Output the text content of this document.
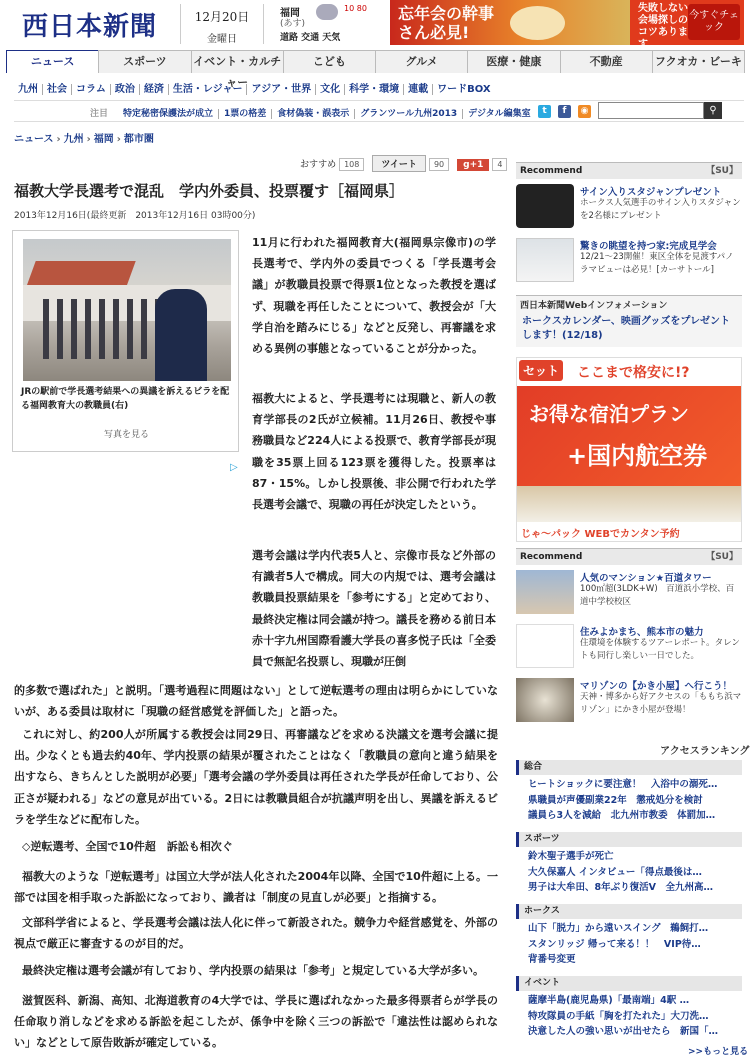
西日本新聞	12月20日
金曜日
福岡
(あす)
10 80
道路 交通 天気
忘年会の幹事さん必見!
失敗しない会場探しのコツあります
今すぐチェック
ニュース	スポーツ	イベント・カルチャー
こども	グルメ	医療・健康	不動産	フクオカ・ビーキ
九州 社会 コラム 政治 経済 生活・レジャー アジア・世界 文化 科学・環境 連載 ワードBOX
注目	特定秘密保護法が成立 1票の格差 食材偽装・誤表示 グランツール九州2013 デジタル編集室	t	f	◉	⚲
ニュース › 九州 › 福岡 › 都市圏
おすすめ 108 ツイート 90 g+1 4
福教大学長選考で混乱　学内外委員、投票覆す［福岡県］
2013年12月16日(最終更新　2013年12月16日 03時00分)
JRの駅前で学長選考結果への異議を訴えるビラを配る福岡教育大の教職員(右)
写真を見る
▷
11月に行われた福岡教育大(福岡県宗像市)の学長選考で、学内外の委員でつくる「学長選考会議」が教職員投票で得票1位となった教授を選ばず、現職を再任したことについて、教授会が「大学自治を踏みにじる」などと反発し、再審議を求める異例の事態となっていることが分かった。
福教大によると、学長選考には現職と、新人の教育学部長の2氏が立候補。11月26日、教授や事務職員など224人による投票で、教育学部長が現職を35票上回る123票を獲得した。投票率は87・15%。しかし投票後、非公開で行われた学長選考会議で、現職の再任が決定したという。
選考会議は学内代表5人と、宗像市長など外部の有識者5人で構成。同大の内規では、選考会議は教職員投票結果を「参考にする」と定めており、最終決定権は同会議が持つ。議長を務める前日本赤十字九州国際看護大学長の喜多悦子氏は「全委員で無記名投票し、現職が圧倒
的多数で選ばれた」と説明。「選考過程に問題はない」として逆転選考の理由は明らかにしていないが、ある委員は取材に「現職の経営感覚を評価した」と語った。
これに対し、約200人が所属する教授会は同29日、再審議などを求める決議文を選考会議に提出。少なくとも過去約40年、学内投票の結果が覆されたことはなく「教職員の意向と違う結果を出すなら、きちんとした説明が必要」「選考会議の学外委員は再任された学長が任命しており、公正さが疑われる」などの意見が出ている。2日には教職員組合が抗議声明を出し、異議を訴えるビラを学生などに配布した。
◇逆転選考、全国で10件超　訴訟も相次ぐ
福教大のような「逆転選考」は国立大学が法人化された2004年以降、全国で10件超に上る。一部では国を相手取った訴訟になっており、識者は「制度の見直しが必要」と指摘する。
文部科学省によると、学長選考会議は法人化に伴って新設された。競争力や経営感覚を、外部の視点で厳正に審査するのが目的だ。
最終決定権は選考会議が有しており、学内投票の結果は「参考」と規定している大学が多い。
滋賀医科、新潟、高知、北海道教育の4大学では、学長に選ばれなかった最多得票者らが学長の任命取り消しなどを求める訴訟を起こしたが、係争中を除く三つの訴訟で「違法性は認められない」などとして原告敗訴が確定している。
Recommend	【SU】
サイン入りスタジャンプレゼント
ホークス人気選手のサイン入りスタジャンを2名様にプレゼント
驚きの眺望を持つ家:完成見学会
12/21〜23開催！東区全体を見渡すパノラマビューは必見！[カーサトール]
西日本新聞Webインフォメーション
ホークスカレンダー、映画グッズをプレゼントします！(12/18)
セット ここまで格安に!?
お得な宿泊プラン
+国内航空券
じゃ〜パック WEBでカンタン予約
Recommend	【SU】
人気のマンション★百道タワー
100㎡超(3LDK+W)　百道浜小学校、百道中学校校区
住みよかまち、熊本市の魅力
住環境を体験するツアーレポート。タレントも同行し楽しい一日でした。
マリゾンの【かき小屋】へ行こう！
天神・博多から好アクセスの「ももち浜マリゾン」にかき小屋が登場！
アクセスランキング
総合
ヒートショックに要注意！　入浴中の溺死…
県職員が声優副業22年　懲戒処分を検討
議員ら3人を減給　北九州市教委　体罰加…
スポーツ
鈴木聖子選手が死亡
大久保嘉人 インタビュー「得点最後は…
男子は大牟田、8年ぶり復活V　全九州高…
ホークス
山下「脱力」から遠いスイング　鵜飼打…
スタンリッジ 帰って来る！！　VIP待…
背番号変更
イベント
薩摩半島(鹿児島県)「最南端」4駅 …
特攻隊員の手紙「胸を打たれた」大刀洗…
決意した人の強い思いが出せたら　新国「…
>>もっと見る
